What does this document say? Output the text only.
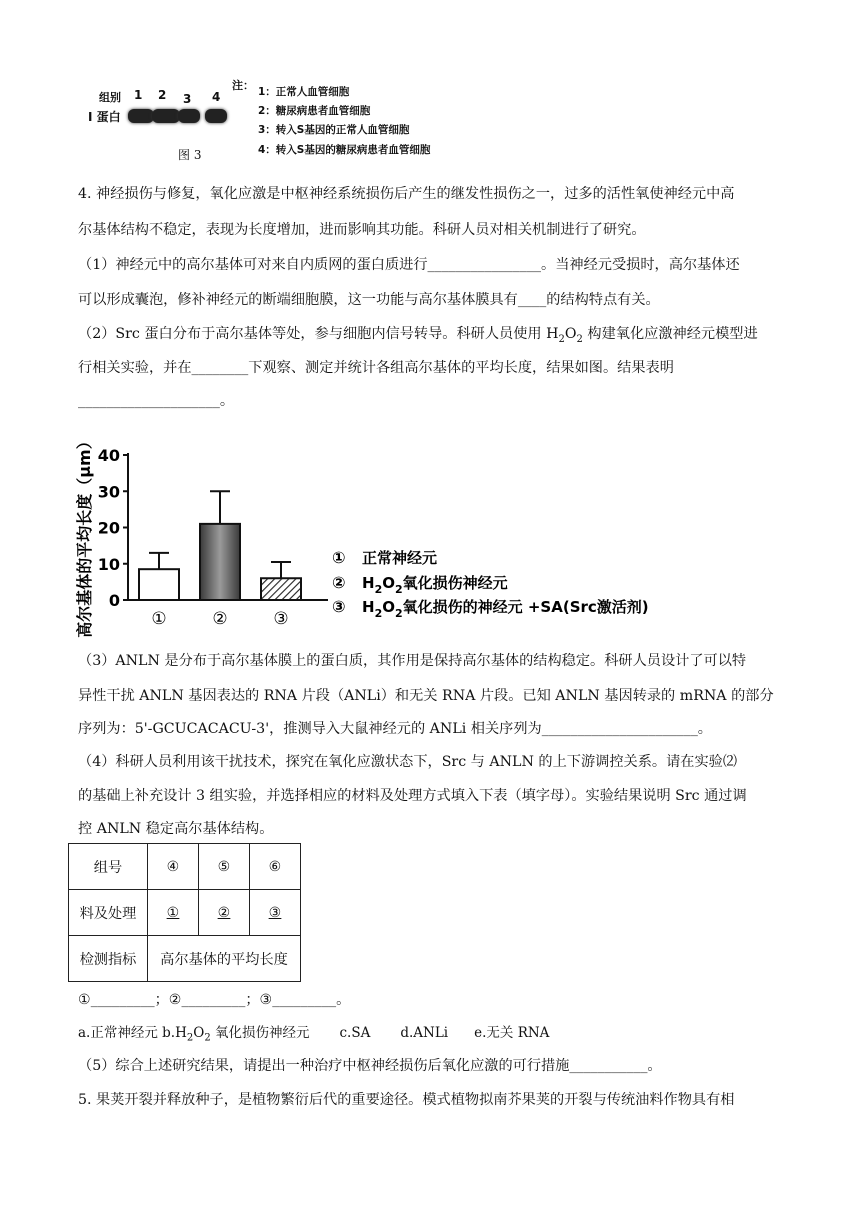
组别 1 2 3 4
I 蛋白
图 3
注： 1：正常人血管细胞
2：糖尿病患者血管细胞
3：转入S基因的正常人血管细胞
4：转入S基因的糖尿病患者血管细胞
4. 神经损伤与修复，氧化应激是中枢神经系统损伤后产生的继发性损伤之一，过多的活性氧使神经元中高
尔基体结构不稳定，表现为长度增加，进而影响其功能。科研人员对相关机制进行了研究。
（1）神经元中的高尔基体可对来自内质网的蛋白质进行________________。当神经元受损时，高尔基体还
可以形成囊泡，修补神经元的断端细胞膜，这一功能与高尔基体膜具有____的结构特点有关。
（2）Src 蛋白分布于高尔基体等处，参与细胞内信号转导。科研人员使用 $H_2O_2$ 构建氧化应激神经元模型进
行相关实验，并在________下观察、测定并统计各组高尔基体的平均长度，结果如图。结果表明
____________________。
高尔基体的平均长度（μm） 0
10
20
30
40
①	②	③
① 正常神经元
② $H_2O_2$氧化损伤神经元
③ $H_2O_2$氧化损伤的神经元 +SA(Src激活剂)
（3）ANLN 是分布于高尔基体膜上的蛋白质，其作用是保持高尔基体的结构稳定。科研人员设计了可以特
异性干扰 ANLN 基因表达的 RNA 片段（ANLi）和无关 RNA 片段。已知 ANLN 基因转录的 mRNA 的部分
序列为：5'-GCUCACACU-3'，推测导入大鼠神经元的 ANLi 相关序列为______________________。
（4）科研人员利用该干扰技术，探究在氧化应激状态下，Src 与 ANLN 的上下游调控关系。请在实验⑵
的基础上补充设计 3 组实验，并选择相应的材料及处理方式填入下表（填字母）。实验结果说明 Src 通过调
控 ANLN 稳定高尔基体结构。
组号	④	⑤	⑥
料及处理	①	②	③
检测指标	高尔基体的平均长度		
①_________；②_________；③_________。
a.正常神经元 $b.H_2O_2$ 氧化损伤神经元 c.SA d.ANLi e.无关 RNA
（5）综合上述研究结果，请提出一种治疗中枢神经损伤后氧化应激的可行措施___________。
5. 果荚开裂并释放种子，是植物繁衍后代的重要途径。模式植物拟南芥果荚的开裂与传统油料作物具有相
